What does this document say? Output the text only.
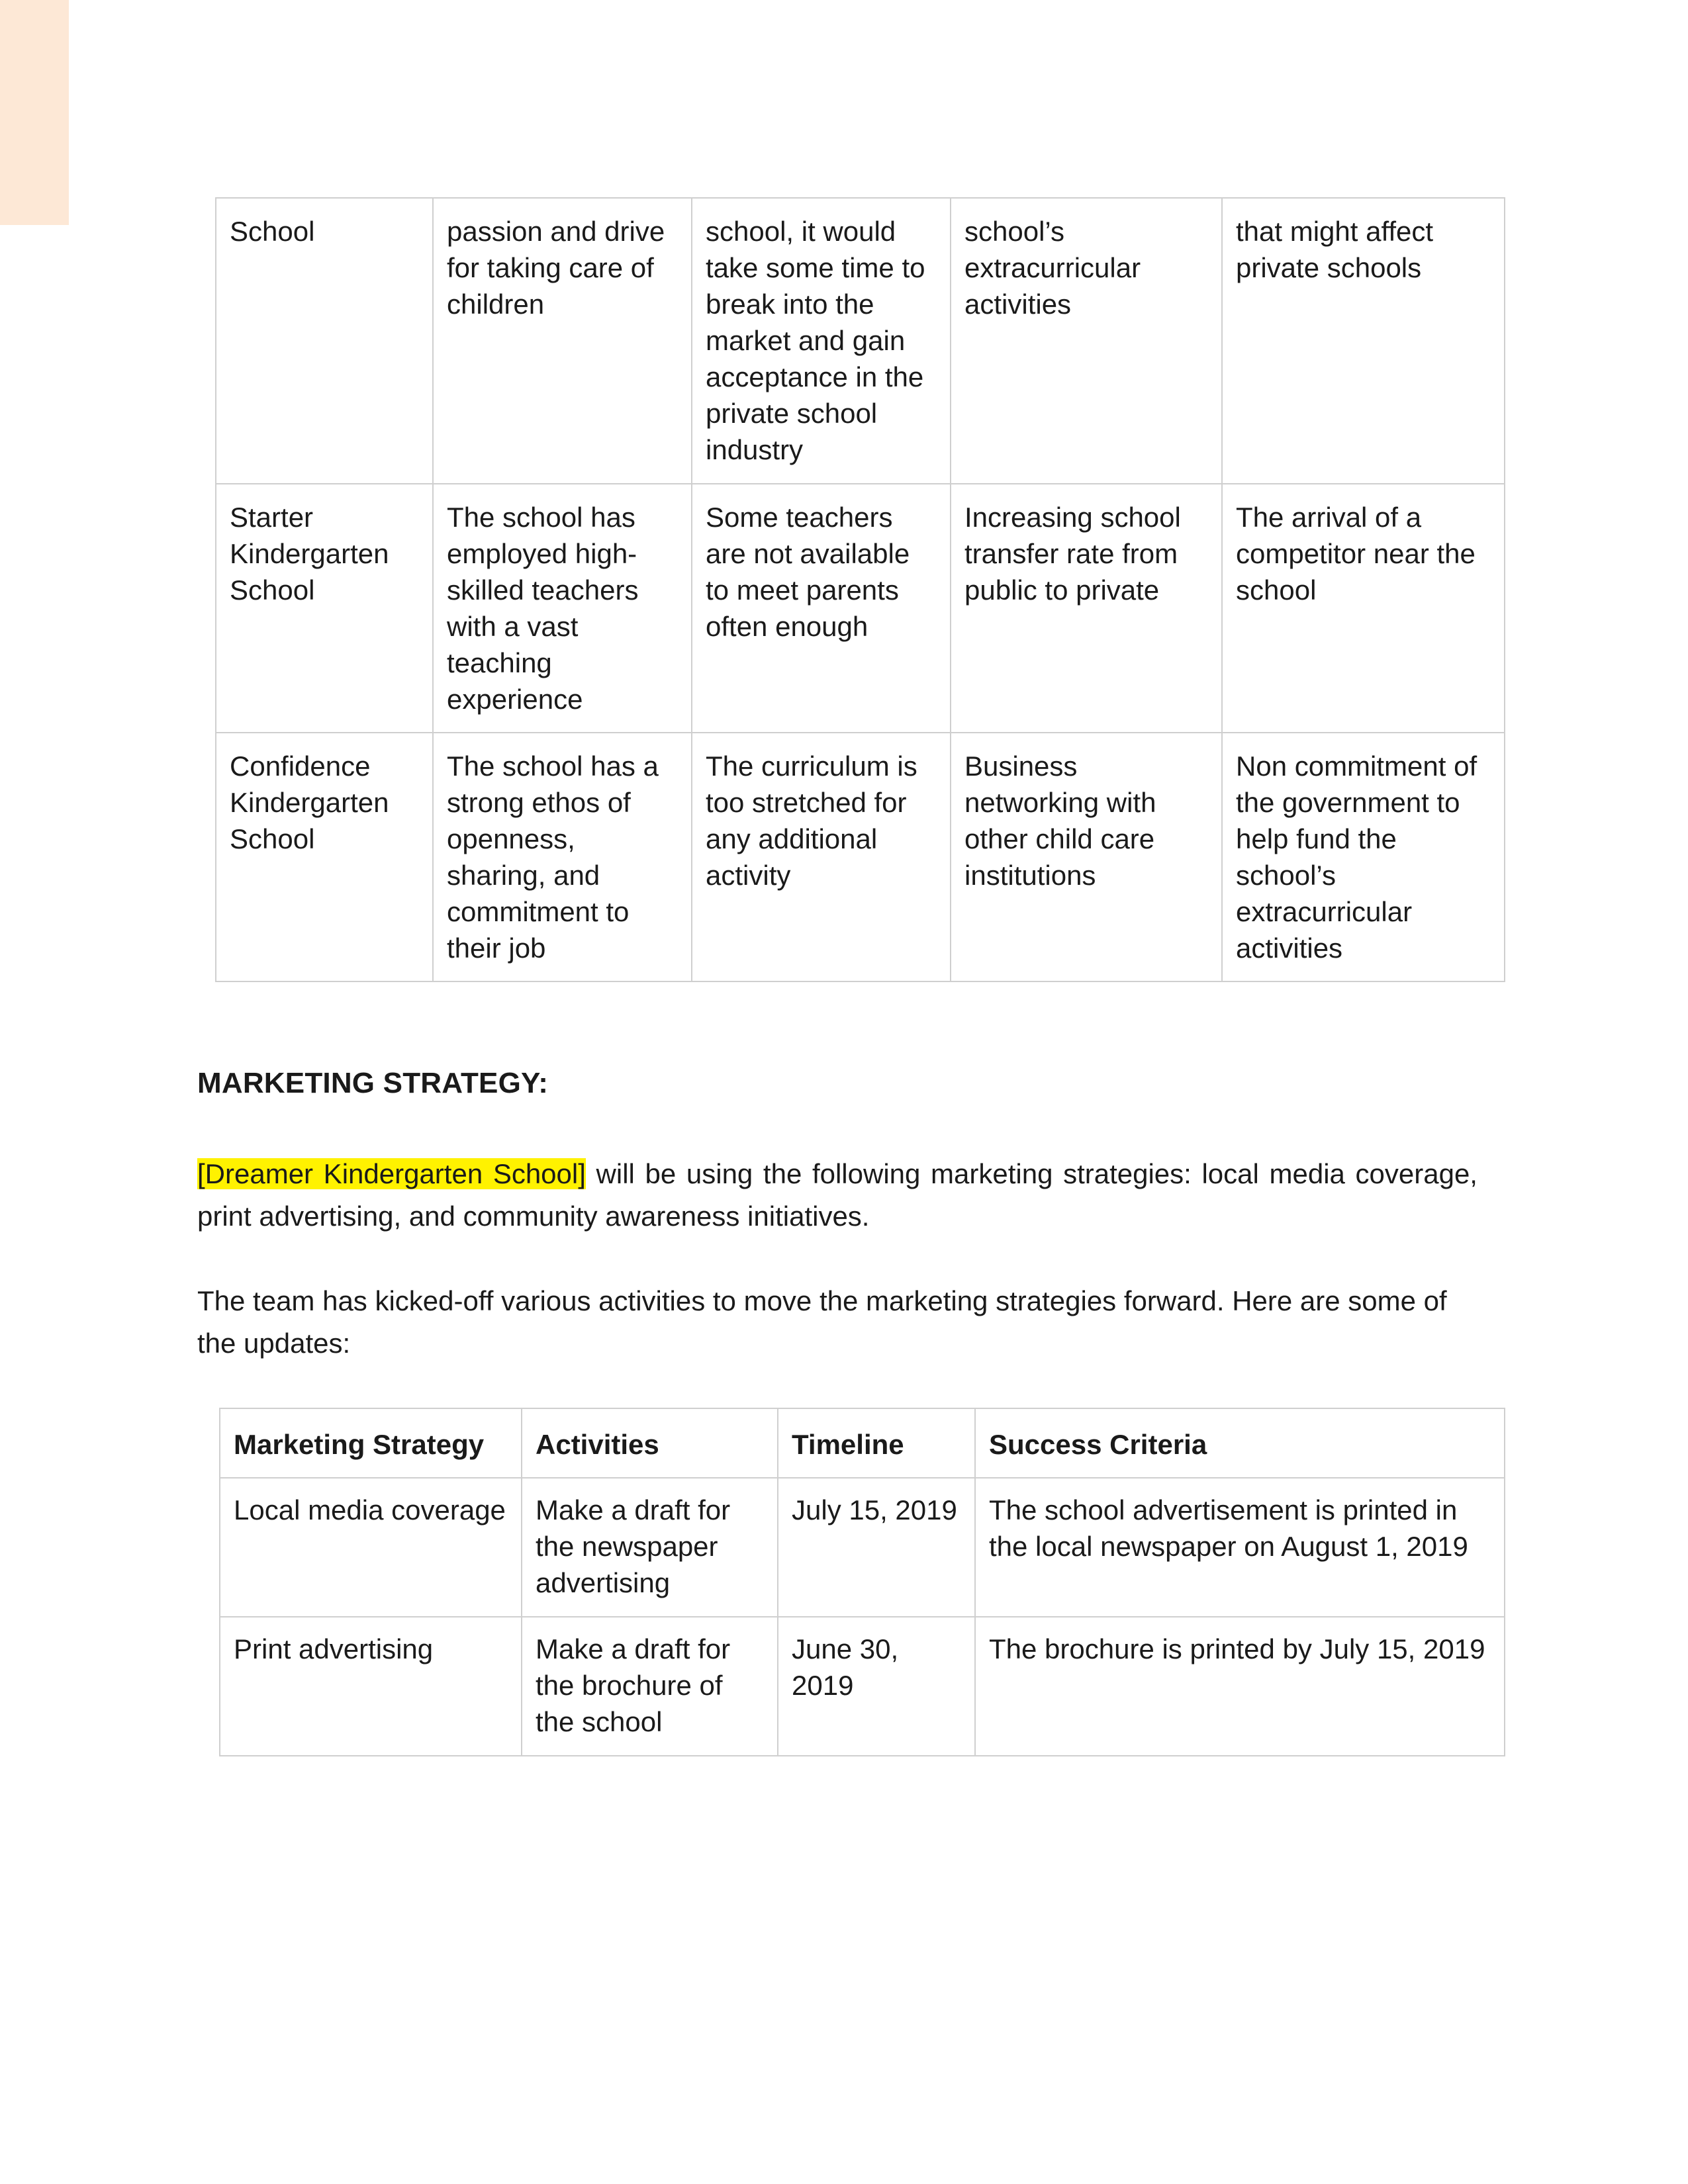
School	passion and drive for taking care of children	school, it would take some time to break into the market and gain acceptance in the private school industry	school’s extracurricular activities	that might affect private schools
Starter Kindergarten School	The school has employed high-skilled teachers with a vast teaching experience	Some teachers are not available to meet parents often enough	Increasing school transfer rate from public to private	The arrival of a competitor near the school
Confidence Kindergarten School	The school has a strong ethos of openness, sharing, and commitment to their job	The curriculum is too stretched for any additional activity	Business networking with other child care institutions	Non commitment of the government to help fund the school’s extracurricular activities
MARKETING STRATEGY:

[Dreamer Kindergarten School] will be using the following marketing strategies: local media coverage, print advertising, and community awareness initiatives.

The team has kicked-off various activities to move the marketing strategies forward. Here are some of the updates:

Marketing Strategy	Activities	Timeline	Success Criteria
Local media coverage	Make a draft for the newspaper advertising	July 15, 2019	The school advertisement is printed in the local newspaper on August 1, 2019
Print advertising	Make a draft for the brochure of the school	June 30, 2019	The brochure is printed by July 15, 2019
